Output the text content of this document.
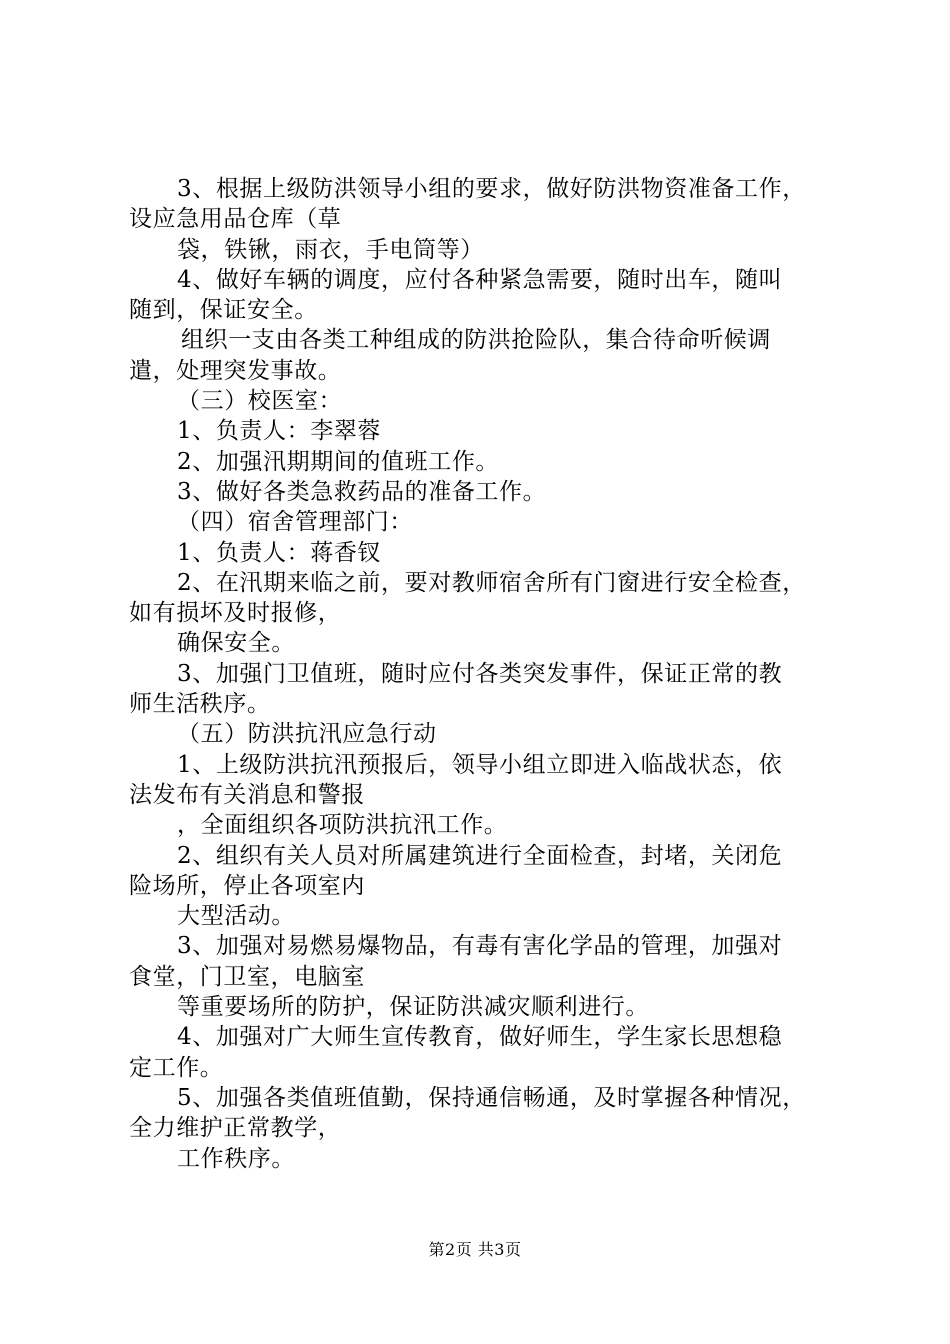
3、根据上级防洪领导小组的要求，做好防洪物资准备工作，
设应急用品仓库（草
袋，铁锹，雨衣，手电筒等）
4、做好车辆的调度，应付各种紧急需要，随时出车，随叫
随到，保证安全。
组织一支由各类工种组成的防洪抢险队，集合待命听候调
遣，处理突发事故。
（三）校医室：
1、负责人：李翠蓉
2、加强汛期期间的值班工作。
3、做好各类急救药品的准备工作。
（四）宿舍管理部门：
1、负责人：蒋香钗
2、在汛期来临之前，要对教师宿舍所有门窗进行安全检查，
如有损坏及时报修，
确保安全。
3、加强门卫值班，随时应付各类突发事件，保证正常的教
师生活秩序。
（五）防洪抗汛应急行动
1、上级防洪抗汛预报后，领导小组立即进入临战状态，依
法发布有关消息和警报
，全面组织各项防洪抗汛工作。
2、组织有关人员对所属建筑进行全面检查，封堵，关闭危
险场所，停止各项室内
大型活动。
3、加强对易燃易爆物品，有毒有害化学品的管理，加强对
食堂，门卫室，电脑室
等重要场所的防护，保证防洪减灾顺利进行。
4、加强对广大师生宣传教育，做好师生，学生家长思想稳
定工作。
5、加强各类值班值勤，保持通信畅通，及时掌握各种情况，
全力维护正常教学，
工作秩序。
第2页 共3页
